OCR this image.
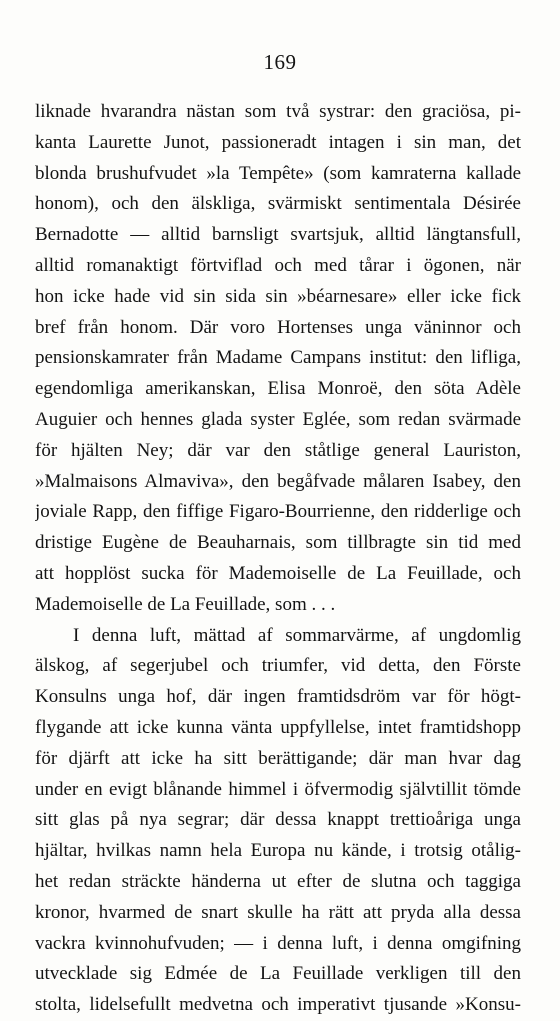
169
liknade hvarandra nästan som två systrar: den graciösa, pi-
kanta Laurette Junot, passioneradt intagen i sin man, det
blonda brushufvudet »la Tempête» (som kamraterna kallade
honom), och den älskliga, svärmiskt sentimentala Désirée
Bernadotte — alltid barnsligt svartsjuk, alltid längtansfull,
alltid romanaktigt förtviflad och med tårar i ögonen, när
hon icke hade vid sin sida sin »béarnesare» eller icke fick
bref från honom. Där voro Hortenses unga väninnor och
pensionskamrater från Madame Campans institut: den lifliga,
egendomliga amerikanskan, Elisa Monroë, den söta Adèle
Auguier och hennes glada syster Eglée, som redan svärmade
för hjälten Ney; där var den ståtlige general Lauriston,
»Malmaisons Almaviva», den begåfvade målaren Isabey, den
joviale Rapp, den fiffige Figaro-Bourrienne, den ridderlige och
dristige Eugène de Beauharnais, som tillbragte sin tid med
att hopplöst sucka för Mademoiselle de La Feuillade, och
Mademoiselle de La Feuillade, som . . .
I denna luft, mättad af sommarvärme, af ungdomlig
älskog, af segerjubel och triumfer, vid detta, den Förste
Konsulns unga hof, där ingen framtidsdröm var för högt-
flygande att icke kunna vänta uppfyllelse, intet framtidshopp
för djärft att icke ha sitt berättigande; där man hvar dag
under en evigt blånande himmel i öfvermodig självtillit tömde
sitt glas på nya segrar; där dessa knappt trettioåriga unga
hjältar, hvilkas namn hela Europa nu kände, i trotsig otålig-
het redan sträckte händerna ut efter de slutna och taggiga
kronor, hvarmed de snart skulle ha rätt att pryda alla dessa
vackra kvinnohufvuden; — i denna luft, i denna omgifning
utvecklade sig Edmée de La Feuillade verkligen till den
stolta, lidelsefullt medvetna och imperativt tjusande »Konsu-
